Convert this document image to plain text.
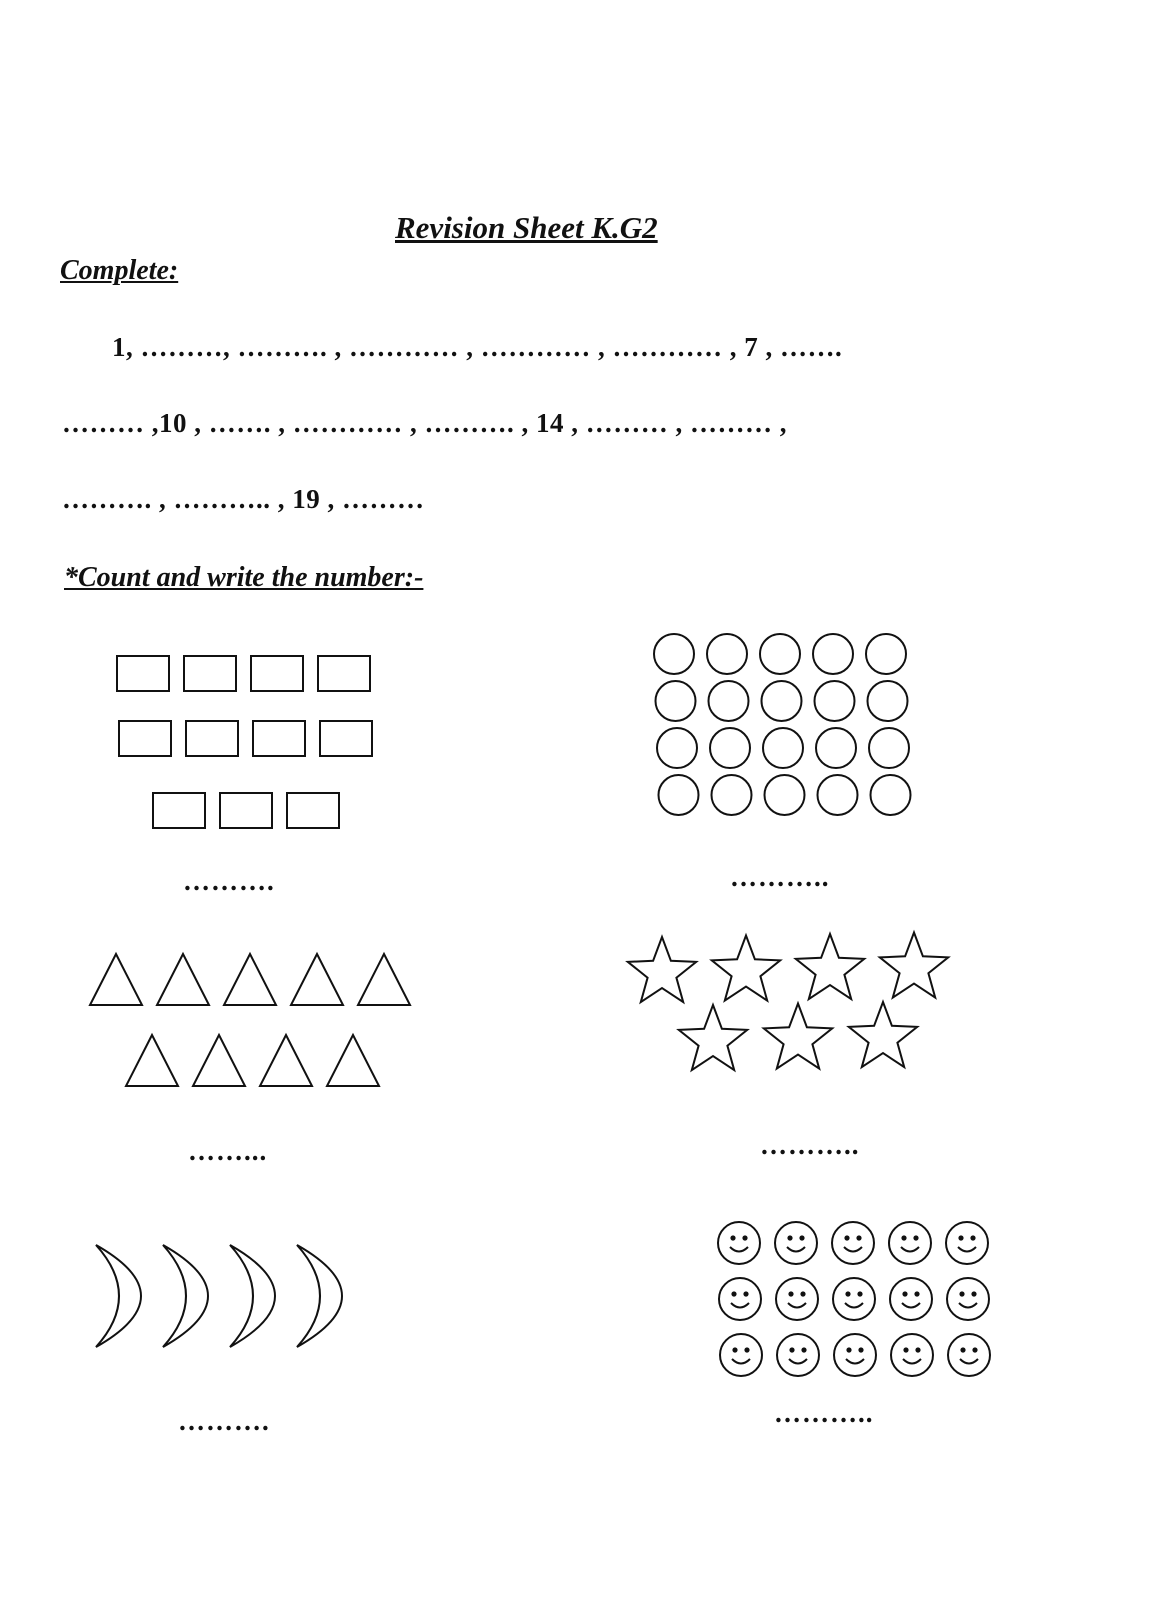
Revision Sheet K.G2
Complete:
1, ………, ………. , ………… , ………… , ………… , 7 , …….
……… ,10 , ……. , ………… , ………. , 14 , ……… , ……… ,
………. , ……….. , 19 , ………
*Count and write the number:-
……….	………..
……...	………..
……….	………..
